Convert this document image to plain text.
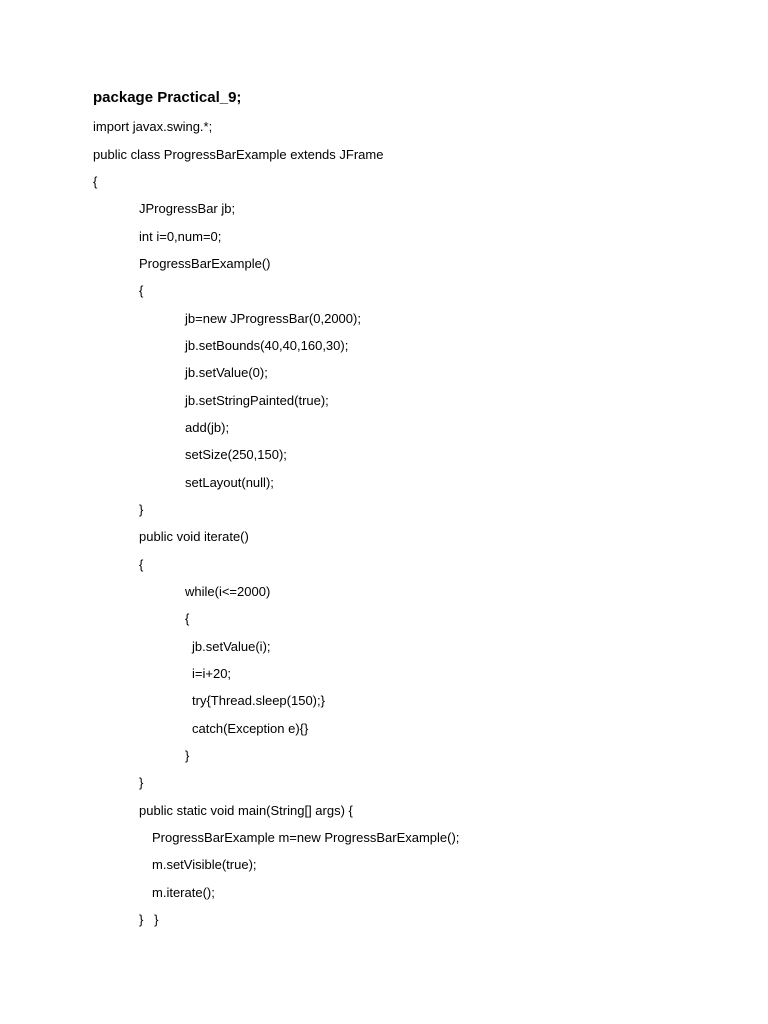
package Practical_9;
import javax.swing.*;
public class ProgressBarExample extends JFrame
{
JProgressBar jb;
int i=0,num=0;
ProgressBarExample()
{
jb=new JProgressBar(0,2000);
jb.setBounds(40,40,160,30);
jb.setValue(0);
jb.setStringPainted(true);
add(jb);
setSize(250,150);
setLayout(null);
}
public void iterate()
{
while(i<=2000)
{
jb.setValue(i);
i=i+20;
try{Thread.sleep(150);}
catch(Exception e){}
}
}
public static void main(String[] args) {
ProgressBarExample m=new ProgressBarExample();
m.setVisible(true);
m.iterate();
}   }
